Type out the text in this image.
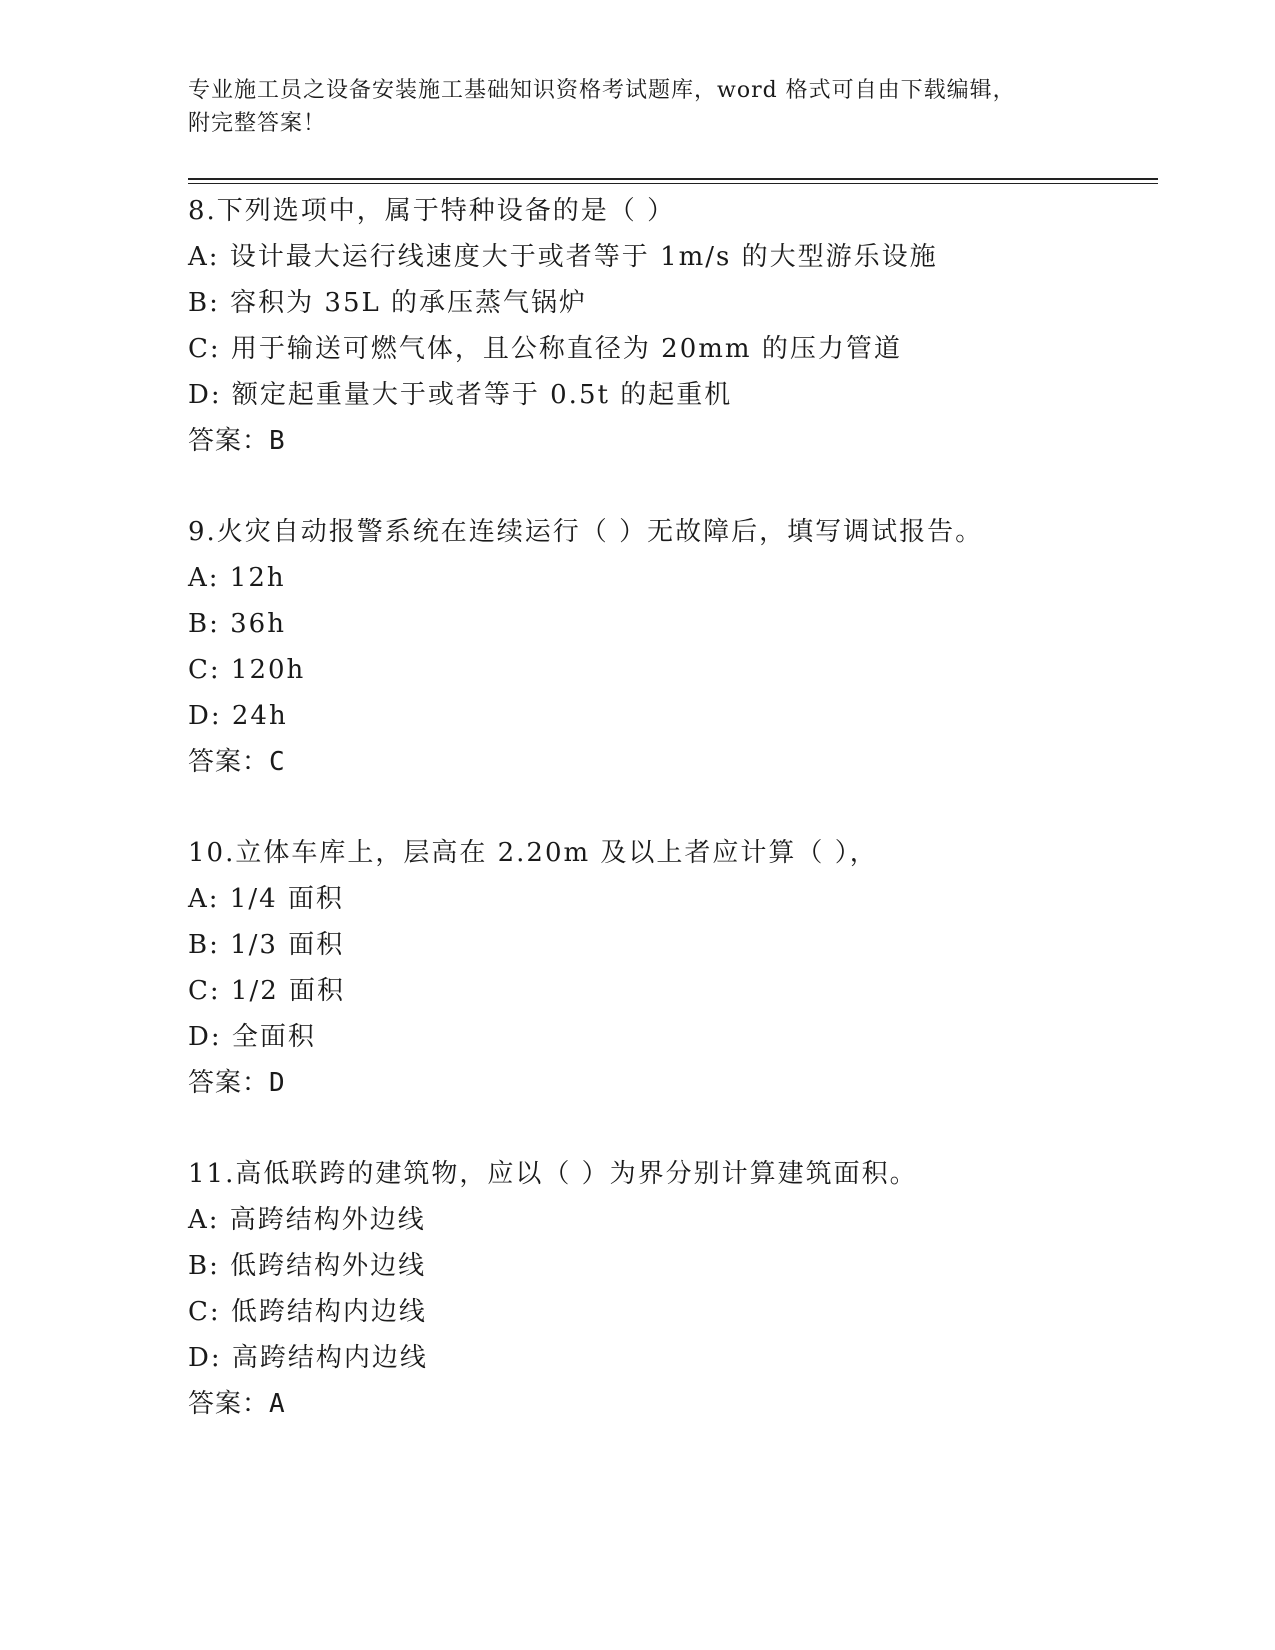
专业施工员之设备安装施工基础知识资格考试题库，word 格式可自由下载编辑，
附完整答案！
8.下列选项中，属于特种设备的是（ ）
A: 设计最大运行线速度大于或者等于 1m/s 的大型游乐设施
B: 容积为 35L 的承压蒸气锅炉
C: 用于输送可燃气体，且公称直径为 20mm 的压力管道
D: 额定起重量大于或者等于 0.5t 的起重机
答案：B
9.火灾自动报警系统在连续运行（ ）无故障后，填写调试报告。
A: 12h
B: 36h
C: 120h
D: 24h
答案：C
10.立体车库上，层高在 2.20m 及以上者应计算（ ），
A: 1/4 面积
B: 1/3 面积
C: 1/2 面积
D: 全面积
答案：D
11.高低联跨的建筑物，应以（ ）为界分别计算建筑面积。
A: 高跨结构外边线
B: 低跨结构外边线
C: 低跨结构内边线
D: 高跨结构内边线
答案：A
